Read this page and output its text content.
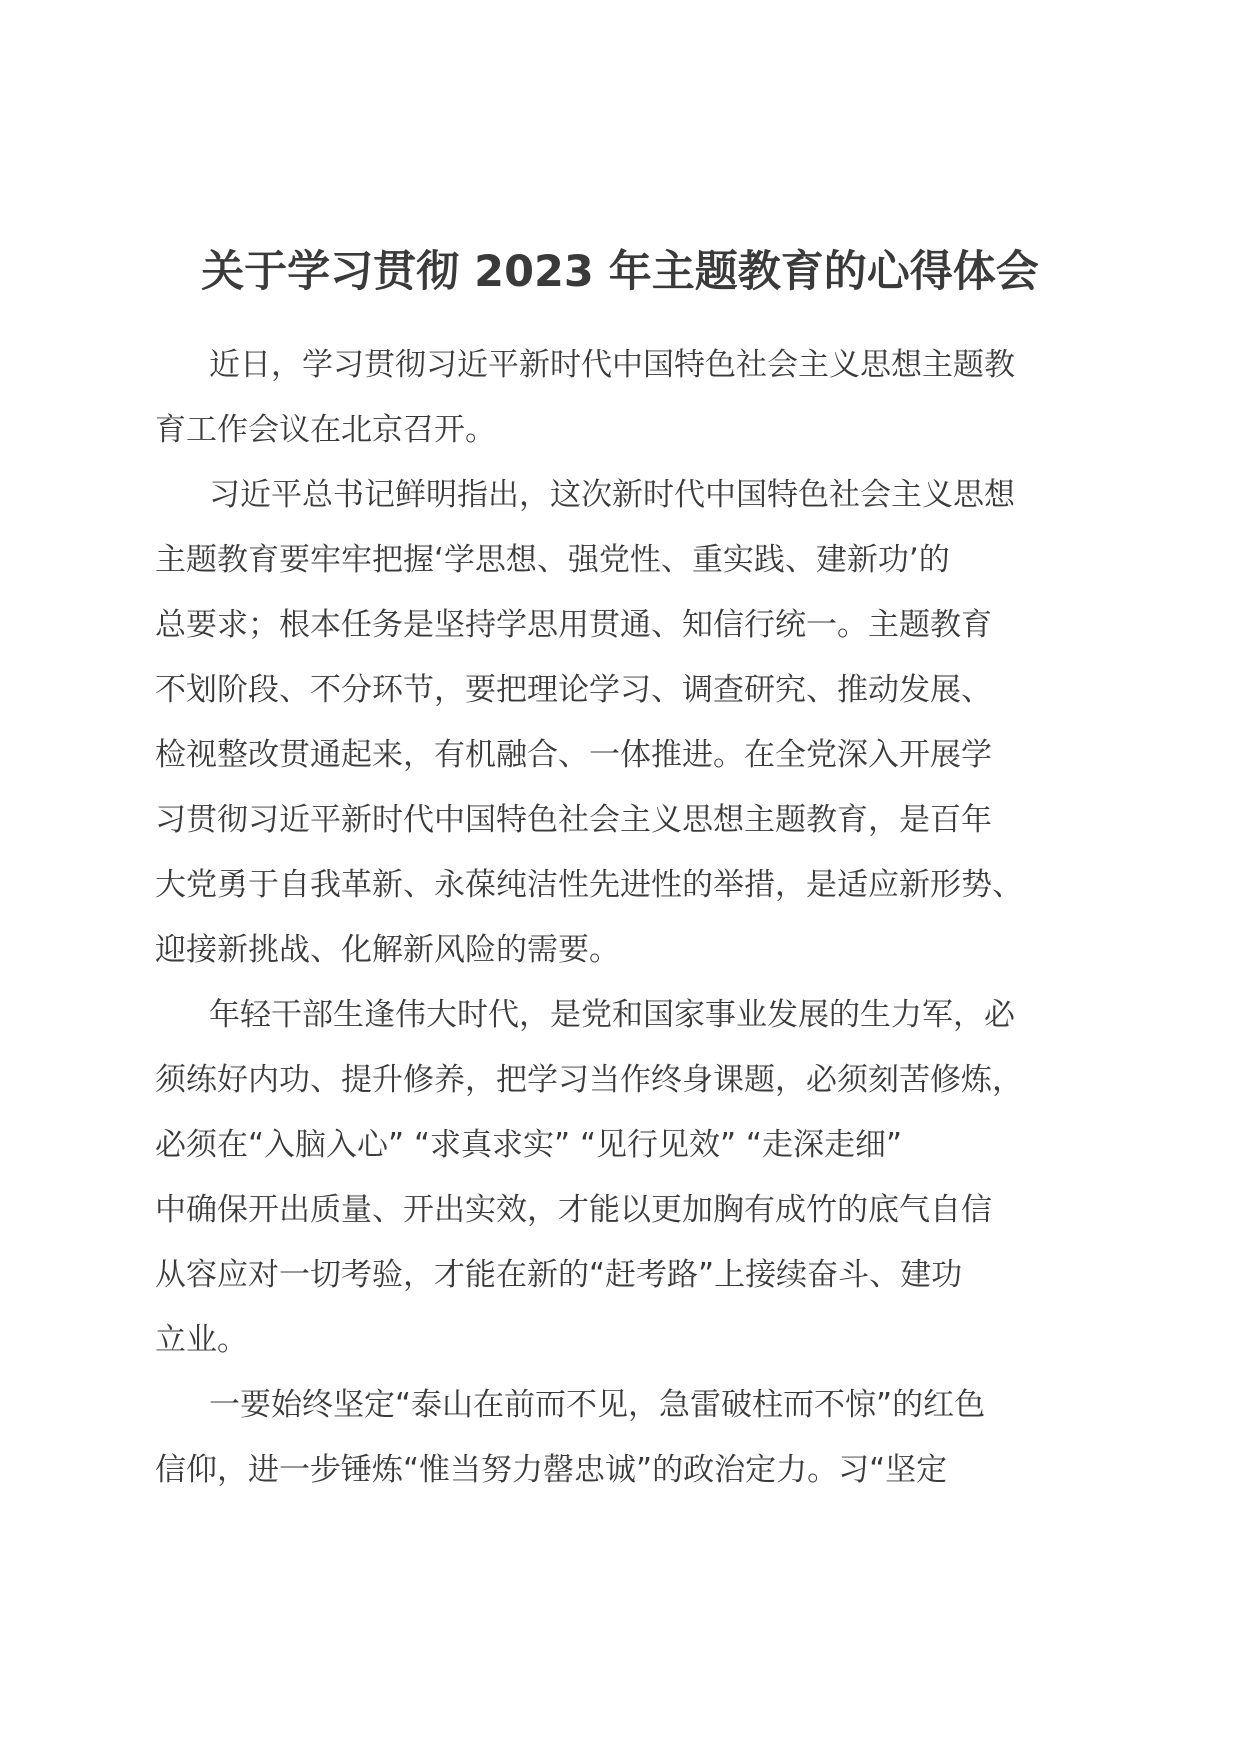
关于学习贯彻 2023 年主题教育的心得体会
近日，学习贯彻习近平新时代中国特色社会主义思想主题教
育工作会议在北京召开。
习近平总书记鲜明指出，这次新时代中国特色社会主义思想
主题教育要牢牢把握‘学思想、强党性、重实践、建新功’的
总要求；根本任务是坚持学思用贯通、知信行统一。主题教育
不划阶段、不分环节，要把理论学习、调查研究、推动发展、
检视整改贯通起来，有机融合、一体推进。在全党深入开展学
习贯彻习近平新时代中国特色社会主义思想主题教育，是百年
大党勇于自我革新、永葆纯洁性先进性的举措，是适应新形势、
迎接新挑战、化解新风险的需要。
年轻干部生逢伟大时代，是党和国家事业发展的生力军，必
须练好内功、提升修养，把学习当作终身课题，必须刻苦修炼，
必须在“入脑入心” “求真求实” “见行见效” “走深走细”
中确保开出质量、开出实效，才能以更加胸有成竹的底气自信
从容应对一切考验，才能在新的“赶考路”上接续奋斗、建功
立业。
一要始终坚定“泰山在前而不见，急雷破柱而不惊”的红色
信仰，进一步锤炼“惟当努力罄忠诚”的政治定力。习“坚定
